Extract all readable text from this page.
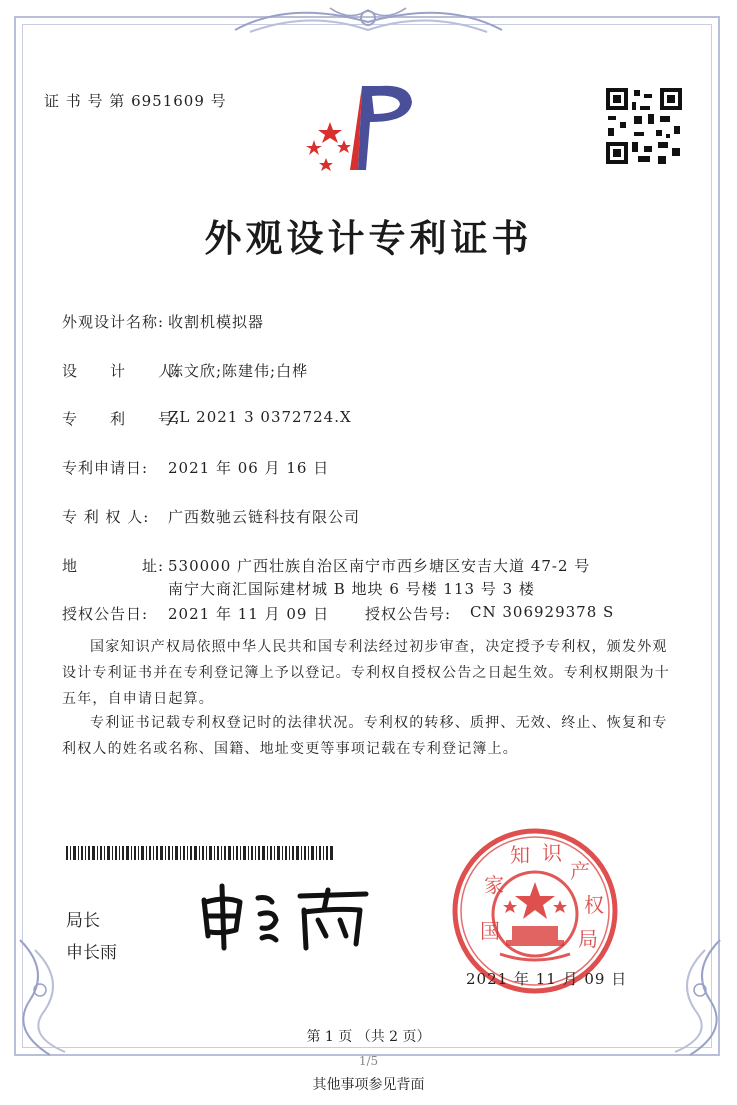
证 书 号 第 6951609 号
外观设计专利证书
外观设计名称: 收割机模拟器
设　　计　　人:
陈文欣;陈建伟;白桦
专　　利　　号:
ZL 2021 3 0372724.X
专利申请日: 2021 年 06 月 16 日
专 利 权 人: 广西数驰云链科技有限公司
地　　　　址: 530000 广西壮族自治区南宁市西乡塘区安吉大道 47-2 号
南宁大商汇国际建材城 B 地块 6 号楼 113 号 3 楼
授权公告日: 2021 年 11 月 09 日 授权公告号: CN 306929378 S
国家知识产权局依照中华人民共和国专利法经过初步审查，决定授予专利权，颁发外观
设计专利证书并在专利登记簿上予以登记。专利权自授权公告之日起生效。专利权期限为十
五年，自申请日起算。
专利证书记载专利权登记时的法律状况。专利权的转移、质押、无效、终止、恢复和专
利权人的姓名或名称、国籍、地址变更等事项记载在专利登记簿上。
局长
申长雨
国
家
知 识
产
权
局
2021 年 11 月 09 日
第 1 页 （共 2 页）
1/5
其他事项参见背面
